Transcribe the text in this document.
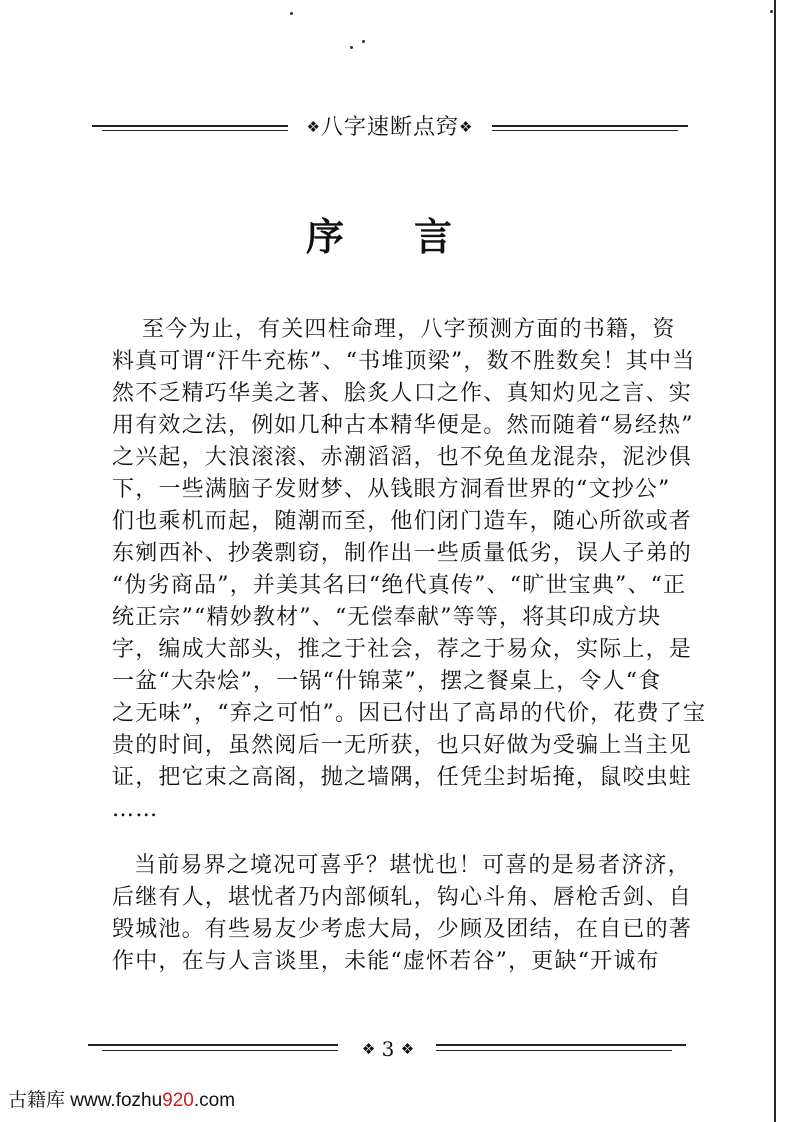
❖八字速断点窍❖
序 言

至今为止，有关四柱命理，八字预测方面的书籍，资
料真可谓“汗牛充栋”、“书堆顶梁”，数不胜数矣！其中当
然不乏精巧华美之著、脍炙人口之作、真知灼见之言、实
用有效之法，例如几种古本精华便是。然而随着“易经热”
之兴起，大浪滚滚、赤潮滔滔，也不免鱼龙混杂，泥沙俱
下，一些满脑子发财梦、从钱眼方洞看世界的“文抄公”
们也乘机而起，随潮而至，他们闭门造车，随心所欲或者
东剜西补、抄袭剽窃，制作出一些质量低劣，误人子弟的
“伪劣商品”，并美其名曰“绝代真传”、“旷世宝典”、“正
统正宗”“精妙教材”、“无偿奉献”等等，将其印成方块
字，编成大部头，推之于社会，荐之于易众，实际上，是
一盆“大杂烩”，一锅“什锦菜”，摆之餐桌上，令人“食
之无味”，“弃之可怕”。因已付出了高昂的代价，花费了宝
贵的时间，虽然阅后一无所获，也只好做为受骗上当主见
证，把它束之高阁，抛之墙隅，任凭尘封垢掩，鼠咬虫蛀
……

当前易界之境况可喜乎？堪忧也！可喜的是易者济济，
后继有人，堪忧者乃内部倾轧，钩心斗角、唇枪舌剑、自
毁城池。有些易友少考虑大局，少顾及团结，在自已的著
作中，在与人言谈里，未能“虚怀若谷”，更缺“开诚布

❖ 3 ❖
古籍库 www.fozhu920.com
